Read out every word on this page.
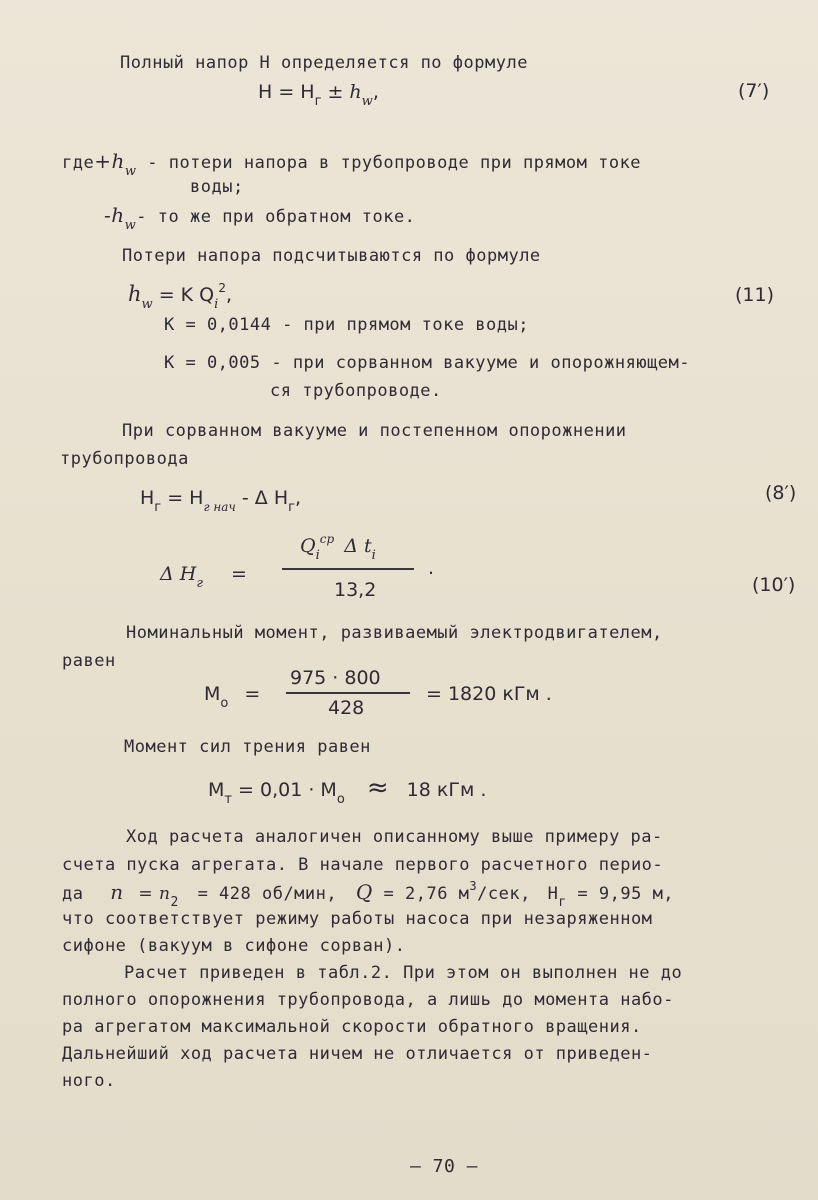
Полный напор Н определяется по формуле
$Н = Н_г \pm h_w$,	(7′)
$где+h_w$ - потери напора в трубопроводе при прямом токе
воды;
$-h_w-$ то же при обратном токе.
Потери напора подсчитываются по формуле
$h_w = K$ $Q_i^2$,	(11)
К = 0,0144 - при прямом токе воды;
К = 0,005 - при сорванном вакууме и опорожняющем-
ся трубопроводе.
При сорванном вакууме и постепенном опорожнении
трубопровода
$Н_г = Н_{г нач} - \Delta$ $Н_г$,	(8′)
Δ $H_г$ =
$Q_i^{ср}$ Δ $t_i$
13,2
.
(10′)
Номинальный момент, развиваемый электродвигателем,
равен
$М_о$ =
975 · 800
428
= 1820 кГм .
Момент сил трения равен
$М_т = 0,01 \cdot М_о \approx 18$ кГм .
Ход расчета аналогичен описанному выше примеру ра-
счета пуска агрегата. В начале первого расчетного перио-
да $n = n_2 = 428$ об/мин, Q = 2,76 $м^3$/сек, $Н_г = 9,95$ м,
что соответствует режиму работы насоса при незаряженном
сифоне (вакуум в сифоне сорван).
Расчет приведен в табл.2. При этом он выполнен не до
полного опорожнения трубопровода, а лишь до момента набо-
ра агрегатом максимальной скорости обратного вращения.
Дальнейший ход расчета ничем не отличается от приведен-
ного.
– 70 –
